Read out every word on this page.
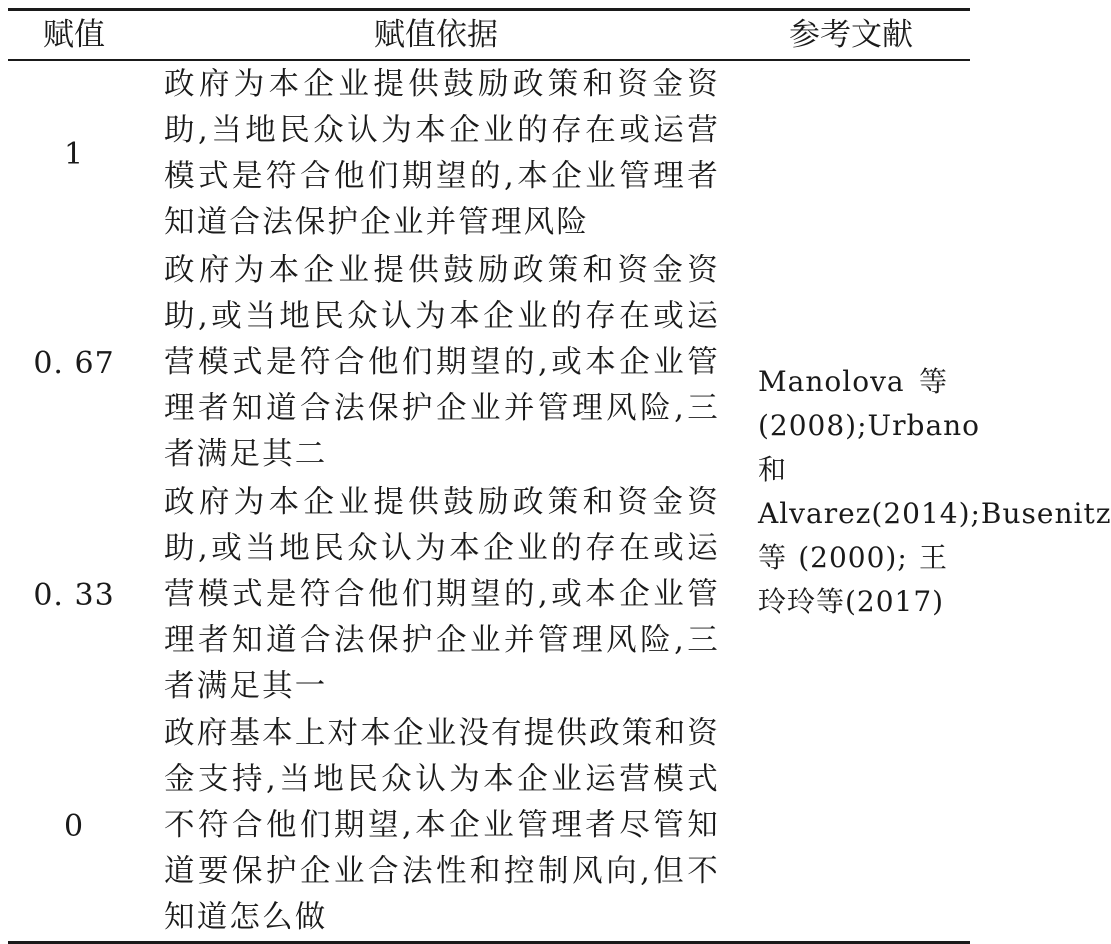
赋值	赋值依据	参考文献
1
政府为本企业提供鼓励政策和资金资助,当地民众认为本企业的存在或运营模式是符合他们期望的,本企业管理者知道合法保护企业并管理风险
0. 67
政府为本企业提供鼓励政策和资金资助,或当地民众认为本企业的存在或运营模式是符合他们期望的,或本企业管理者知道合法保护企业并管理风险,三者满足其二
0. 33
政府为本企业提供鼓励政策和资金资助,或当地民众认为本企业的存在或运营模式是符合他们期望的,或本企业管理者知道合法保护企业并管理风险,三者满足其一
0
政府基本上对本企业没有提供政策和资金支持,当地民众认为本企业运营模式不符合他们期望,本企业管理者尽管知道要保护企业合法性和控制风向,但不知道怎么做
Manolova 等(2008);Urbano 和 Alvarez(2014);Busenitz 等(2000);王玲玲等(2017)
